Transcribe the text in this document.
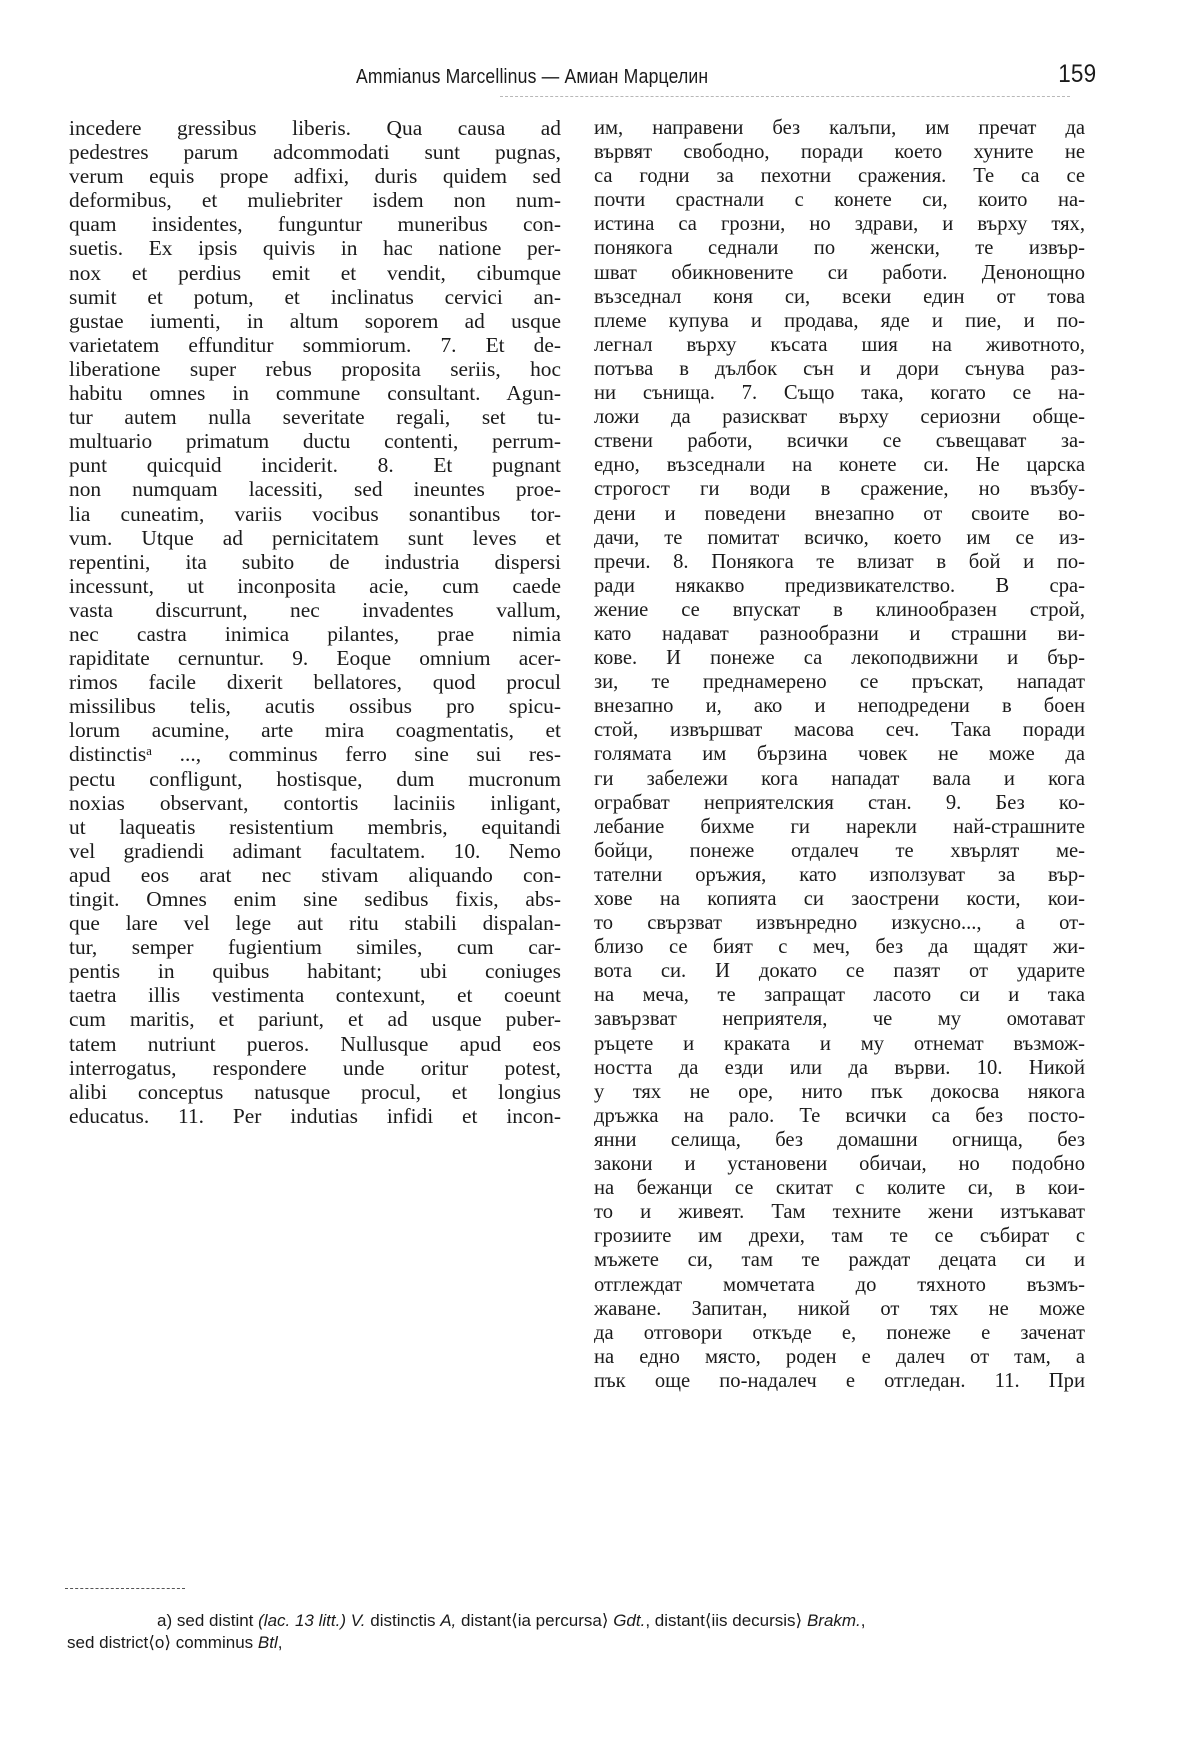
Ammianus Marcellinus — Амиан Марцелин	159
incedere gressibus liberis. Qua causa ad
pedestres parum adcommodati sunt pugnas,
verum equis prope adfixi, duris quidem sed
deformibus, et muliebriter isdem non num-
quam insidentes, funguntur muneribus con-
suetis. Ex ipsis quivis in hac natione per-
nox et perdius emit et vendit, cibumque
sumit et potum, et inclinatus cervici an-
gustae iumenti, in altum soporem ad usque
varietatem effunditur sommiorum. 7. Et de-
liberatione super rebus proposita seriis, hoc
habitu omnes in commune consultant. Agun-
tur autem nulla severitate regali, set tu-
multuario primatum ductu contenti, perrum-
punt quicquid inciderit. 8. Et pugnant
non numquam lacessiti, sed ineuntes proe-
lia cuneatim, variis vocibus sonantibus tor-
vum. Utque ad pernicitatem sunt leves et
repentini, ita subito de industria dispersi
incessunt, ut inconposita acie, cum caede
vasta discurrunt, nec invadentes vallum,
nec castra inimica pilantes, prae nimia
rapiditate cernuntur. 9. Eoque omnium acer-
rimos facile dixerit bellatores, quod procul
missilibus telis, acutis ossibus pro spicu-
lorum acumine, arte mira coagmentatis, et
distinctisᵃ ..., comminus ferro sine sui res-
pectu confligunt, hostisque, dum mucronum
noxias observant, contortis laciniis inligant,
ut laqueatis resistentium membris, equitandi
vel gradiendi adimant facultatem. 10. Nemo
apud eos arat nec stivam aliquando con-
tingit. Omnes enim sine sedibus fixis, abs-
que lare vel lege aut ritu stabili dispalan-
tur, semper fugientium similes, cum car-
pentis in quibus habitant; ubi coniuges
taetra illis vestimenta contexunt, et coeunt
cum maritis, et pariunt, et ad usque puber-
tatem nutriunt pueros. Nullusque apud eos
interrogatus, respondere unde oritur potest,
alibi conceptus natusque procul, et longius
educatus. 11. Per indutias infidi et incon-
им, направени без калъпи, им пречат да
вървят свободно, поради което хуните не
са годни за пехотни сражения. Те са се
почти срастнали с конете си, които на-
истина са грозни, но здрави, и върху тях,
понякога седнали по женски, те извър-
шват обикновените си работи. Денонощно
възседнал коня си, всеки един от това
племе купува и продава, яде и пие, и по-
легнал върху късата шия на животното,
потъва в дълбок сън и дори сънува раз-
ни сънища. 7. Също така, когато се на-
ложи да разискват върху сериозни обще-
ствени работи, всички се съвещават за-
едно, възседнали на конете си. Не царска
строгост ги води в сражение, но възбу-
дени и поведени внезапно от своите во-
дачи, те помитат всичко, което им се из-
пречи. 8. Понякога те влизат в бой и по-
ради някакво предизвикателство. В сра-
жение се впускат в клинообразен строй,
като надават разнообразни и страшни ви-
кове. И понеже са лекоподвижни и бър-
зи, те преднамерено се пръскат, нападат
внезапно и, ако и неподредени в боен
стой, извършват масова сеч. Така поради
голямата им бързина човек не може да
ги забележи кога нападат вала и кога
ограбват неприятелския стан. 9. Без ко-
лебание бихме ги нарекли най-страшните
бойци, понеже отдалеч те хвърлят ме-
тателни оръжия, като използуват за вър-
хове на копията си заострени кости, кои-
то свързват извънредно изкусно..., а от-
близо се бият с меч, без да щадят жи-
вота си. И докато се пазят от ударите
на меча, те запращат ласото си и така
завързват неприятеля, че му омотават
ръцете и краката и му отнемат възмож-
ността да езди или да върви. 10. Никой
у тях не оре, нито пък докосва някога
дръжка на рало. Те всички са без посто-
янни селища, без домашни огнища, без
закони и установени обичаи, но подобно
на бежанци се скитат с колите си, в кои-
то и живеят. Там техните жени изтъкават
грозиите им дрехи, там те се събират с
мъжете си, там те раждат децата си и
отглеждат момчетата до тяхното възмъ-
жаване. Запитан, никой от тях не може
да отговори откъде е, понеже е заченат
на едно място, роден е далеч от там, а
пък още по-надалеч е отгледан. 11. При
a) sed distint (lac. 13 litt.) V. distinctis A, distant⟨ia percursa⟩ Gdt., distant⟨iis decursis⟩ Brakm.,
sed district⟨o⟩ comminus Btl,
